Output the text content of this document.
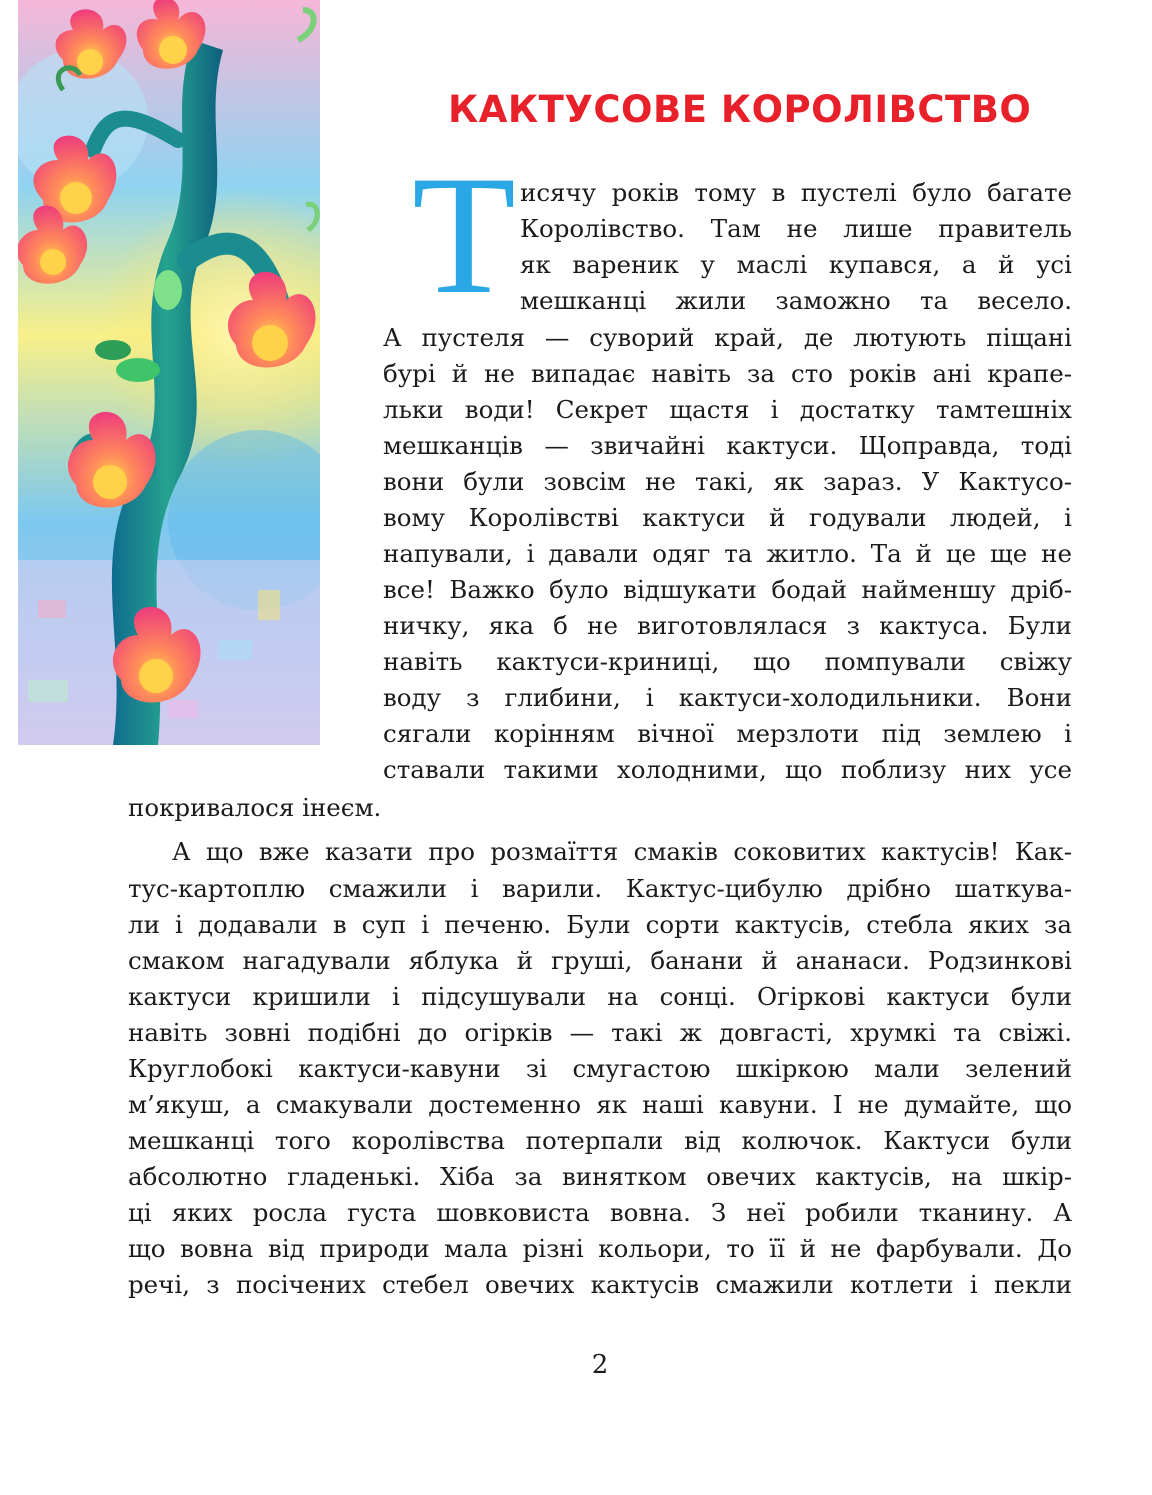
КАКТУСОВЕ КОРОЛІВСТВО
Т исячу років тому в пустелі було багате
Королівство. Там не лише правитель
як вареник у маслі купався, а й усі
мешканці жили заможно та весело.
А пустеля — суворий край, де лютують піщані
бурі й не випадає навіть за сто років ані крапе-
льки води! Секрет щастя і достатку тамтешніх
мешканців — звичайні кактуси. Щоправда, тоді
вони були зовсім не такі, як зараз. У Кактусо-
вому Королівстві кактуси й годували людей, і
напували, і давали одяг та житло. Та й це ще не
все! Важко було відшукати бодай найменшу дріб-
ничку, яка б не виготовлялася з кактуса. Були
навіть кактуси-криниці, що помпували свіжу
воду з глибини, і кактуси-холодильники. Вони
сягали корінням вічної мерзлоти під землею і
ставали такими холодними, що поблизу них усе
покривалося інеєм.
А що вже казати про розмаїття смаків соковитих кактусів! Как-
тус-картоплю смажили і варили. Кактус-цибулю дрібно шаткува-
ли і додавали в суп і печеню. Були сорти кактусів, стебла яких за
смаком нагадували яблука й груші, банани й ананаси. Родзинкові
кактуси кришили і підсушували на сонці. Огіркові кактуси були
навіть зовні подібні до огірків — такі ж довгасті, хрумкі та свіжі.
Круглобокі кактуси-кавуни зі смугастою шкіркою мали зелений
м’якуш, а смакували достеменно як наші кавуни. І не думайте, що
мешканці того королівства потерпали від колючок. Кактуси були
абсолютно гладенькі. Хіба за винятком овечих кактусів, на шкір-
ці яких росла густа шовковиста вовна. З неї робили тканину. А
що вовна від природи мала різні кольори, то її й не фарбували. До
речі, з посічених стебел овечих кактусів смажили котлети і пекли
2
